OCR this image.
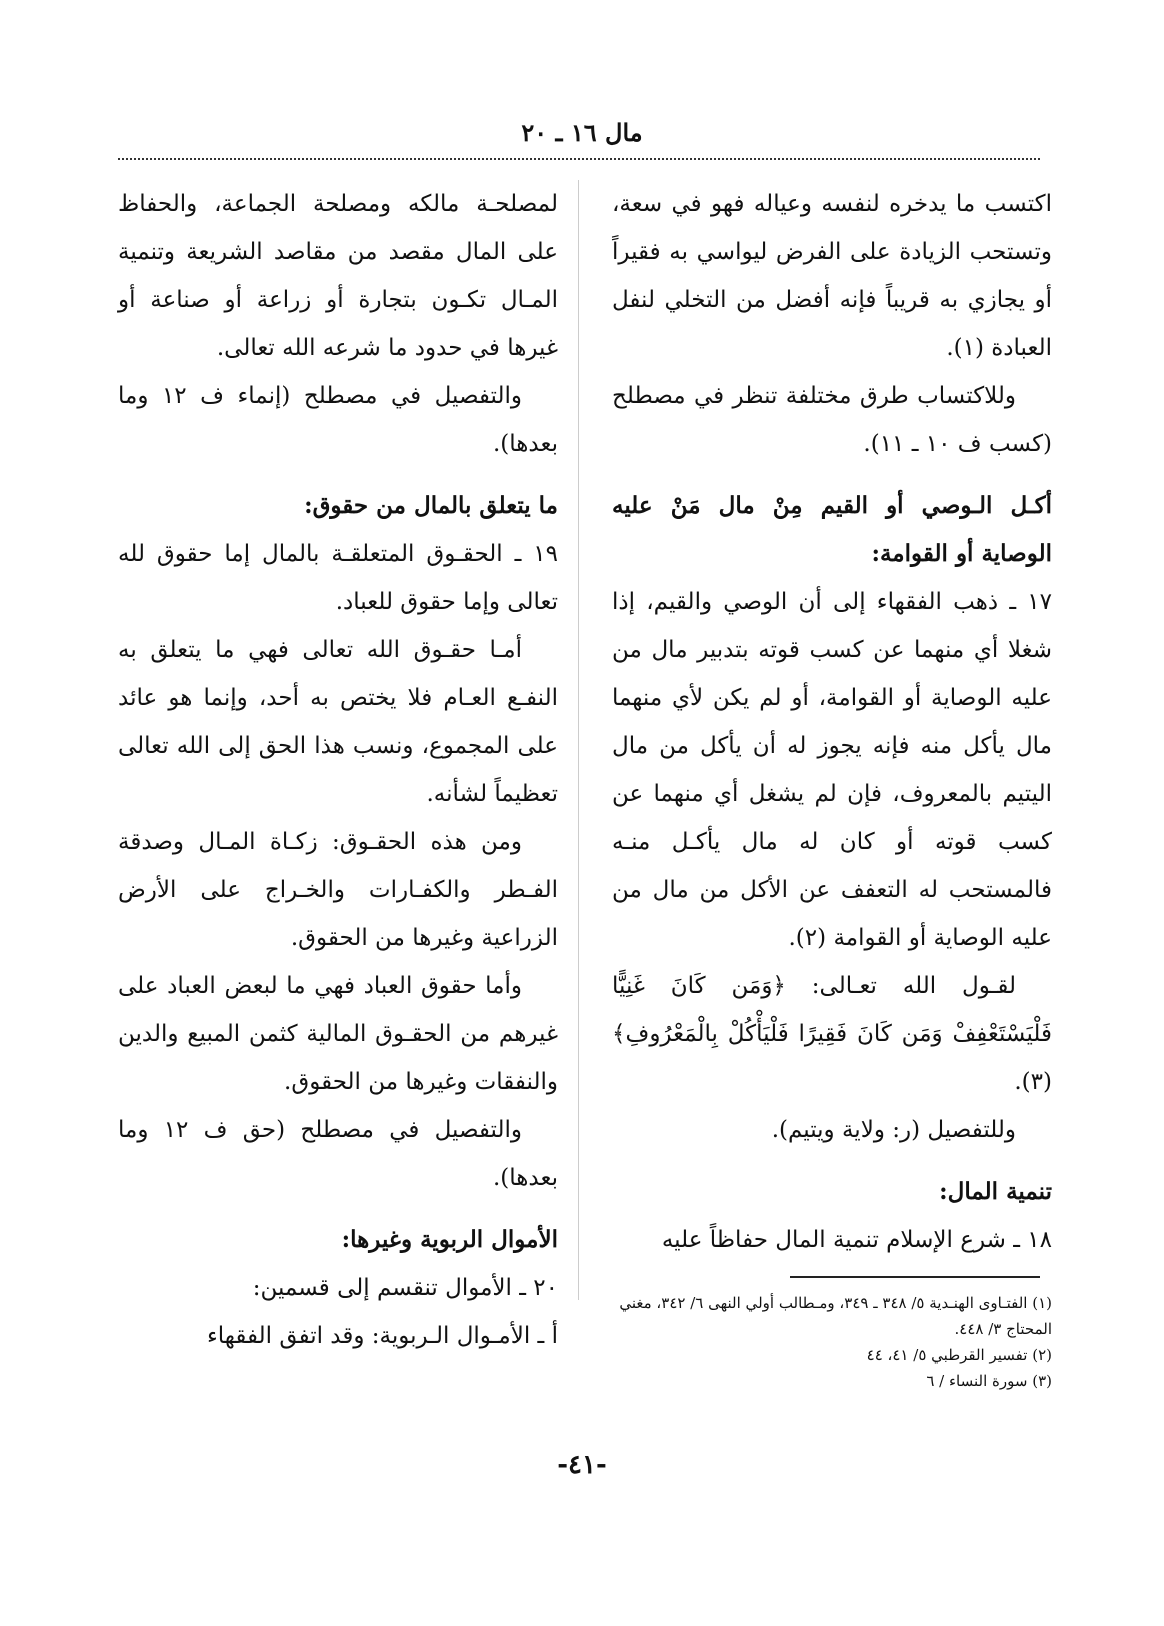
مال ١٦ ـ ٢٠

اكتسب ما يدخره لنفسه وعياله فهو في سعة، وتستحب الزيادة على الفرض ليواسي به فقيراً أو يجازي به قريباً فإنه أفضل من التخلي لنفل العبادة (١).

وللاكتساب طرق مختلفة تنظر في مصطلح (كسب ف ١٠ ـ ١١).

أكـل الـوصي أو القيم مِنْ مال مَنْ عليه الوصاية أو القوامة:

١٧ ـ ذهب الفقهاء إلى أن الوصي والقيم، إذا شغلا أي منهما عن كسب قوته بتدبير مال من عليه الوصاية أو القوامة، أو لم يكن لأي منهما مال يأكل منه فإنه يجوز له أن يأكل من مال اليتيم بالمعروف، فإن لم يشغل أي منهما عن كسب قوته أو كان له مال يأكـل منـه فالمستحب له التعفف عن الأكل من مال من عليه الوصاية أو القوامة (٢).

لقـول الله تعـالى: ﴿وَمَن كَانَ غَنِيًّا فَلْيَسْتَعْفِفْ وَمَن كَانَ فَقِيرًا فَلْيَأْكُلْ بِالْمَعْرُوفِ﴾ (٣).

وللتفصيل (ر: ولاية ويتيم).

تنمية المال:

١٨ ـ شرع الإسلام تنمية المال حفاظاً عليه

لمصلحـة مالكه ومصلحة الجماعة، والحفاظ على المال مقصد من مقاصد الشريعة وتنمية المـال تكـون بتجارة أو زراعة أو صناعة أو غيرها في حدود ما شرعه الله تعالى.

والتفصيل في مصطلح (إنماء ف ١٢ وما بعدها).

ما يتعلق بالمال من حقوق:

١٩ ـ الحقـوق المتعلقـة بالمال إما حقوق لله تعالى وإما حقوق للعباد.

أمـا حقـوق الله تعالى فهي ما يتعلق به النفـع العـام فلا يختص به أحد، وإنما هو عائد على المجموع، ونسب هذا الحق إلى الله تعالى تعظيماً لشأنه.

ومن هذه الحقـوق: زكـاة المـال وصدقة الفـطر والكفـارات والخـراج على الأرض الزراعية وغيرها من الحقوق.

وأما حقوق العباد فهي ما لبعض العباد على غيرهم من الحقـوق المالية كثمن المبيع والدين والنفقات وغيرها من الحقوق.

والتفصيل في مصطلح (حق ف ١٢ وما بعدها).

الأموال الربوية وغيرها:

٢٠ ـ الأموال تنقسم إلى قسمين:

أ ـ الأمـوال الـربوية: وقد اتفق الفقهاء

(١) الفتـاوى الهنـدية ٥/ ٣٤٨ ـ ٣٤٩، ومـطالب أولي النهى ٦/ ٣٤٢، مغني المحتاج ٣/ ٤٤٨.

(٢) تفسير القرطبي ٥/ ٤١، ٤٤

(٣) سورة النساء / ٦

-٤١-
